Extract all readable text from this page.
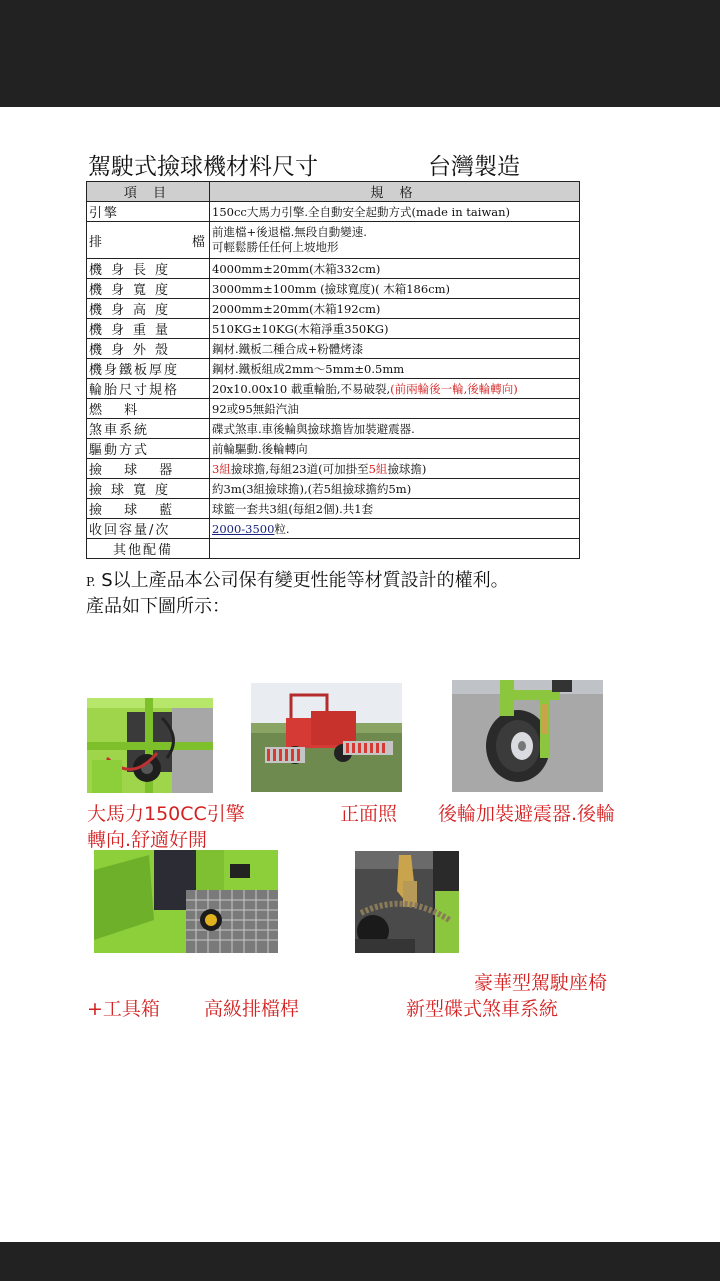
駕駛式撿球機材料尺寸	台灣製造
項 目	規 格
引擎	150cc大馬力引擎.全自動安全起動方式(made in taiwan)
排 檔	前進檔+後退檔.無段自動變速.
可輕鬆勝任任何上坡地形

機身長度	4000mm±20mm(木箱332cm)
機身寬度	3000mm±100mm (撿球寬度)( 木箱186cm)
機身高度	2000mm±20mm(木箱192cm)
機身重量	510KG±10KG(木箱淨重350KG)
機身外殼	鋼材.鐵板二種合成+粉體烤漆
機身鐵板厚度	鋼材.鐵板組成2mm～5mm±0.5mm
輪胎尺寸規格	20x10.00x10 載重輪胎,不易破裂,(前兩輪後一輪,後輪轉向)
燃 料	92或95無鉛汽油
煞車系統	碟式煞車.車後輪與撿球擔皆加裝避震器.
驅動方式	前輪驅動.後輪轉向
撿 球 器	3組撿球擔,每組23道(可加掛至5組撿球擔)
撿球寬度	約3m(3組撿球擔),(若5組撿球擔約5m)
撿 球 藍	球籃一套共3組(每組2個).共1套
收回容量/次	2000-3500粒.
其他配備	
P. S以上產品本公司保有變更性能等材質設計的權利。
產品如下圖所示：
大馬力150CC引擎	正面照 後輪加裝避震器.後輪
轉向.舒適好開
豪華型駕駛座椅
+工具箱 高級排檔桿	新型碟式煞車系統
